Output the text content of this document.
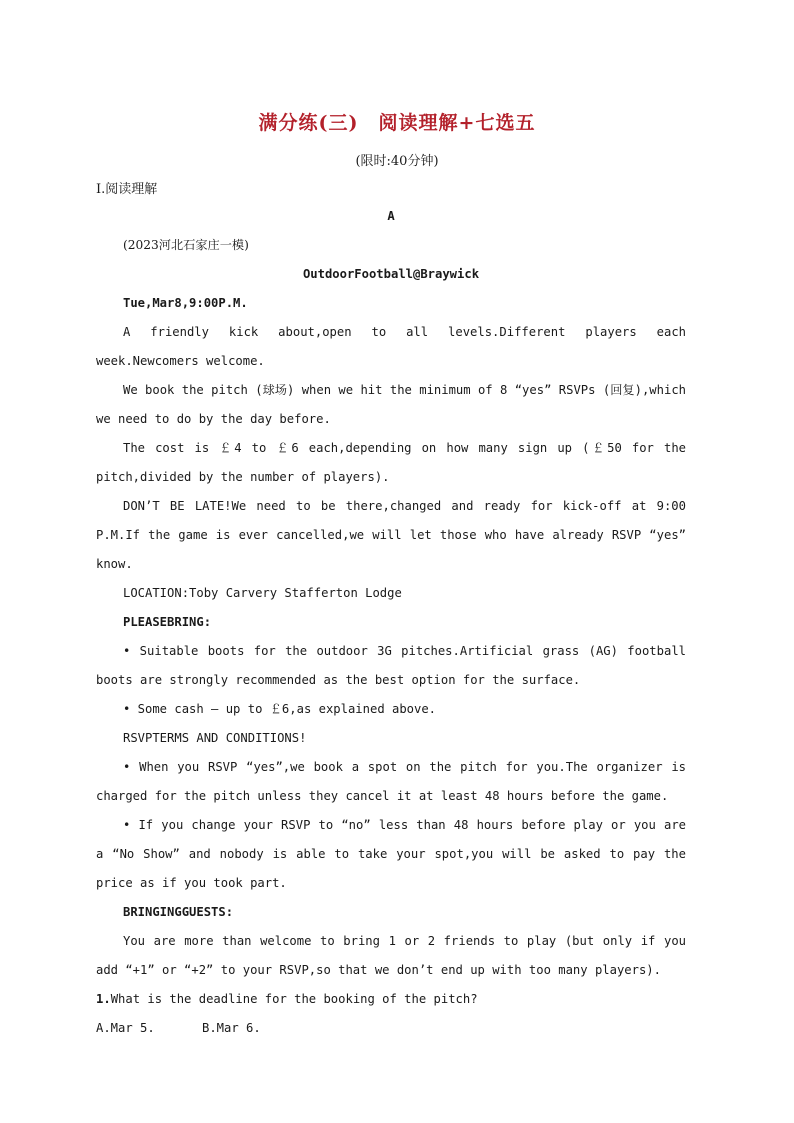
满分练(三)　阅读理解+七选五
(限时:40分钟)
Ⅰ.阅读理解

A

(2023河北石家庄一模)

OutdoorFootball@Braywick

Tue,Mar8,9:00P.M.

A friendly kick about,open to all levels.Different players each week.Newcomers welcome.

We book the pitch (球场) when we hit the minimum of 8 “yes” RSVPs (回复),which we need to do by the day before.

The cost is ￡4 to ￡6 each,depending on how many sign up (￡50 for the pitch,divided by the number of players).

DON’T BE LATE!We need to be there,changed and ready for kick-off at 9:00 P.M.If the game is ever cancelled,we will let those who have already RSVP “yes” know.

LOCATION:Toby Carvery Stafferton Lodge

PLEASEBRING:

• Suitable boots for the outdoor 3G pitches.Artificial grass (AG) football boots are strongly recommended as the best option for the surface.

• Some cash — up to ￡6,as explained above.

RSVPTERMS AND CONDITIONS!

• When you RSVP “yes”,we book a spot on the pitch for you.The organizer is charged for the pitch unless they cancel it at least 48 hours before the game.

• If you change your RSVP to “no” less than 48 hours before play or you are a “No Show” and nobody is able to take your spot,you will be asked to pay the price as if you took part.

BRINGINGGUESTS:

You are more than welcome to bring 1 or 2 friends to play (but only if you add “+1” or “+2” to your RSVP,so that we don’t end up with too many players).

1.What is the deadline for the booking of the pitch?

A.Mar 5.	B.Mar 6.
